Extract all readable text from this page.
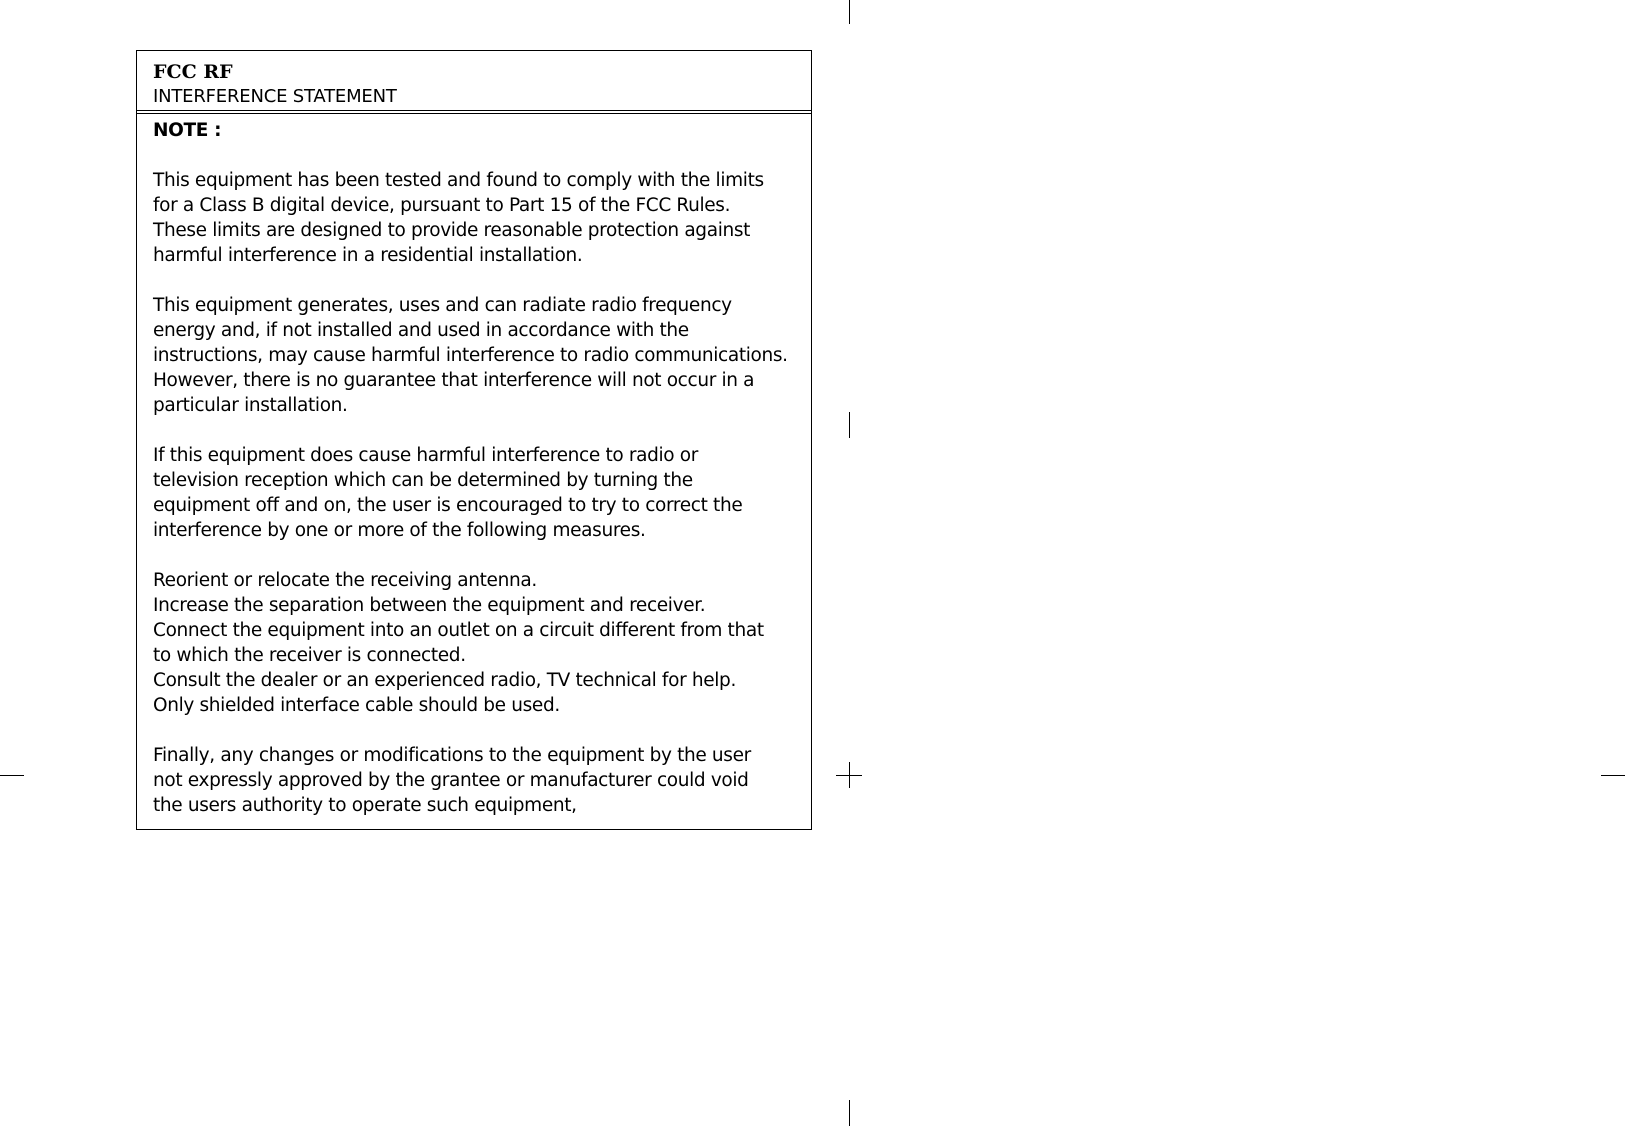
FCC RF
INTERFERENCE STATEMENT
NOTE :
This equipment has been tested and found to comply with the limits
for a Class B digital device, pursuant to Part 15 of the FCC Rules.
These limits are designed to provide reasonable protection against
harmful interference in a residential installation.
This equipment generates, uses and can radiate radio frequency
energy and, if not installed and used in accordance with the
instructions, may cause harmful interference to radio communications.
However, there is no guarantee that interference will not occur in a
particular installation.
If this equipment does cause harmful interference to radio or
television reception which can be determined by turning the
equipment off and on, the user is encouraged to try to correct the
interference by one or more of the following measures.
Reorient or relocate the receiving antenna.
Increase the separation between the equipment and receiver.
Connect the equipment into an outlet on a circuit different from that
to which the receiver is connected.
Consult the dealer or an experienced radio, TV technical for help.
Only shielded interface cable should be used.
Finally, any changes or modifications to the equipment by the user
not expressly approved by the grantee or manufacturer could void
the users authority to operate such equipment,
